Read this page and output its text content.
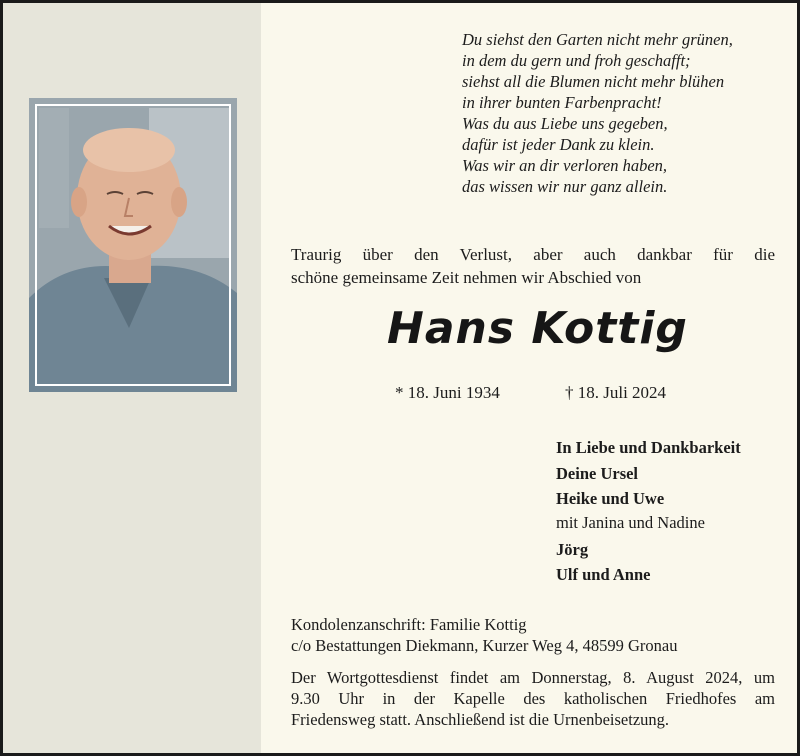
Du siehst den Garten nicht mehr grünen,
in dem du gern und froh geschafft;
siehst all die Blumen nicht mehr blühen
in ihrer bunten Farbenpracht!
Was du aus Liebe uns gegeben,
dafür ist jeder Dank zu klein.
Was wir an dir verloren haben,
das wissen wir nur ganz allein.
Traurig über den Verlust, aber auch dankbar für die
schöne gemeinsame Zeit nehmen wir Abschied von
Hans Kottig
* 18. Juni 1934	† 18. Juli 2024
In Liebe und Dankbarkeit
Deine Ursel
Heike und Uwe
mit Janina und Nadine
Jörg
Ulf und Anne
Kondolenzanschrift: Familie Kottig
c/o Bestattungen Diekmann, Kurzer Weg 4, 48599 Gronau
Der Wortgottesdienst findet am Donnerstag, 8. August 2024, um
9.30 Uhr in der Kapelle des katholischen Friedhofes am
Friedensweg statt. Anschließend ist die Urnenbeisetzung.
